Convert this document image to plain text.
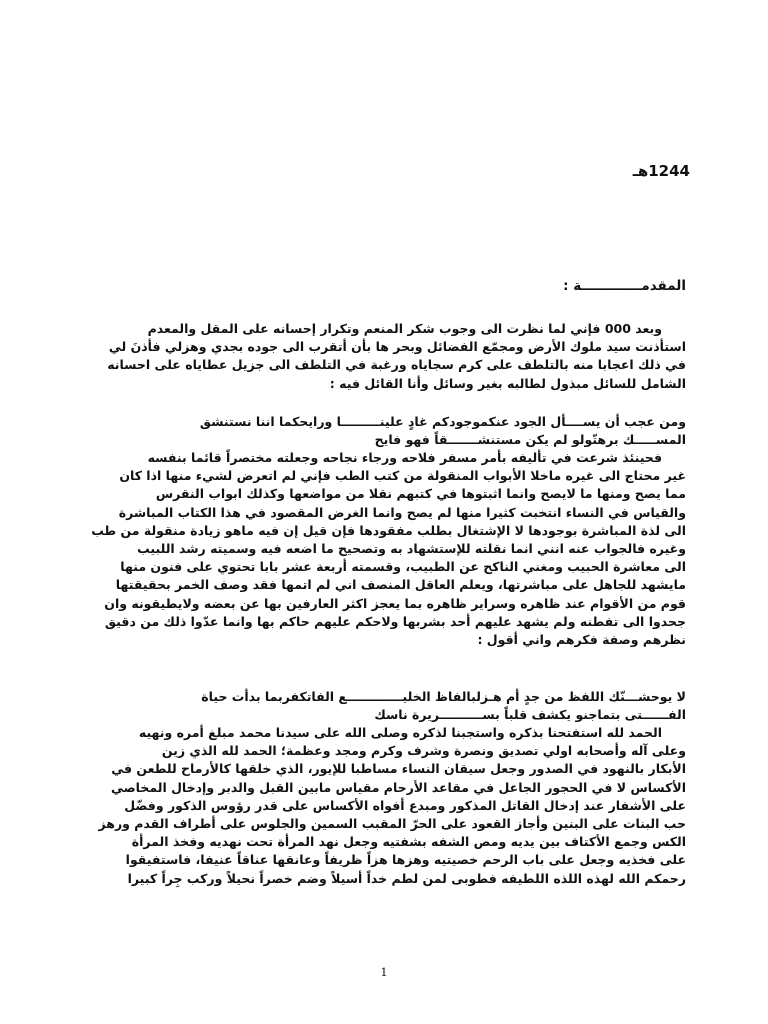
1244هـ
المقدمـــــــــــــة :

وبعد 000 فإني لما نظرت الى وجوب شكر المنعم وتكرار إحسانه على المقل والمعدم

استأذنت سيد ملوك الأرض ومجمّع الفضائل وبحر ها بأن أتقرب الى جوده بجدي وهزلي فأذنَ لي

في ذلك اعجابا منه بالتلطف على كرم سجاياه ورغبة في التلطف الى جزيل عطاياه على احسانه

الشامل للسائل مبذول لطالبه بغير وسائل وأنا القائل فيه :

ومن عجب أن يســــأل الجود عنكموجودكم غادٍ علينـــــــــا ورايحكما اننا نستنشق

المســـــك برهتّولو لم يكن مستنشـــــــقاً فهو فايح

فحينئذ شرعت في تأليفه بأمر مسفر فلاحه ورجاء نجاحه وجعلته مختصراً قائما بنفسه

غير محتاج الى غيره ماخلا الأبواب المنقولة من كتب الطب فإني لم اتعرض لشيء منها اذا كان

مما يصح ومنها ما لايصح وانما اثبتوها في كتبهم نقلا من مواضعها وكذلك ابواب النقرس

والقياس في النساء انتخبت كثيرا منها لم يصح وانما الغرض المقصود في هذا الكتاب المباشرة

الى لذة المباشرة بوجودها لا الإشتغال بطلب مفقودها فإن قيل إن فيه ماهو زيادة منقولة من طب

وغيره فالجواب عنه انني انما نقلته للإستشهاد به وتصحيح ما اضعه فيه وسميته رشد اللبيب

الى معاشرة الحبيب ومغني الناكح عن الطبيب، وقسمته أربعة عشر بابا تحتوي على فنون منها

مايشهد للجاهل على مباشرتها، ويعلم العاقل المنصف اني لم اتمها فقد وصف الخمر بحقيقتها

قوم من الأقوام عند ظاهره وسراير ظاهره بما يعجز اكثر العارفين بها عن بعضه ولايطيقونه وان

جحدوا الى تفطنه ولم يشهد عليهم أحد بشربها ولاحكم عليهم حاكم بها وانما عدّوا ذلك من دقيق

نظرهم وصفة فكرهم واني أقول :

لا يوحشـــنّك اللفظ من جدٍ أم هـزلبالفاظ الخليـــــــــــــع الفاتكفربما بدأت حياة

الفــــــتى بتماجنو يكشف قلباً بســــــــــريرة ناسك

الحمد لله استفتحنا بذكره واستجبنا لذكره وصلى الله على سيدنا محمد مبلغ أمره ونهيه

وعلى آله وأصحابه اولي تصديق ونصرة وشرف وكرم ومجد وعظمة؛ الحمد لله الذي زين

الأبكار بالنهود في الصدور وجعل سيقان النساء مساطبا للإيور، الذي خلقها كالأرماح للطعن في

الأكساس لا في الحجور الجاعل في مقاعد الأرحام مقياس مابين القبل والدبر وإدخال المخاصي

على الأشفار عند إدخال القاتل المذكور ومبدع أفواه الأكساس على قدر رؤوس الذكور وفضّل

حب البنات على البنين وأجاز القعود على الحرّ المقبب السمين والجلوس على أطراف القدم ورهز

الكس وجمع الأكتاف بين يديه ومص الشفه بشفتيه وجعل نهد المرأة تحت نهديه وفخذ المرأة

على فخذيه وجعل على باب الرحم خصيتيه وهزها هزاً ظريفاً وعانقها عناقاً عنيفا، فاستفيقوا

رحمكم الله لهذه اللذه اللطيفه فطوبى لمن لطم خداً أسيلاً وضم خصراً نحيلاً وركب جِراً كبيرا

1
